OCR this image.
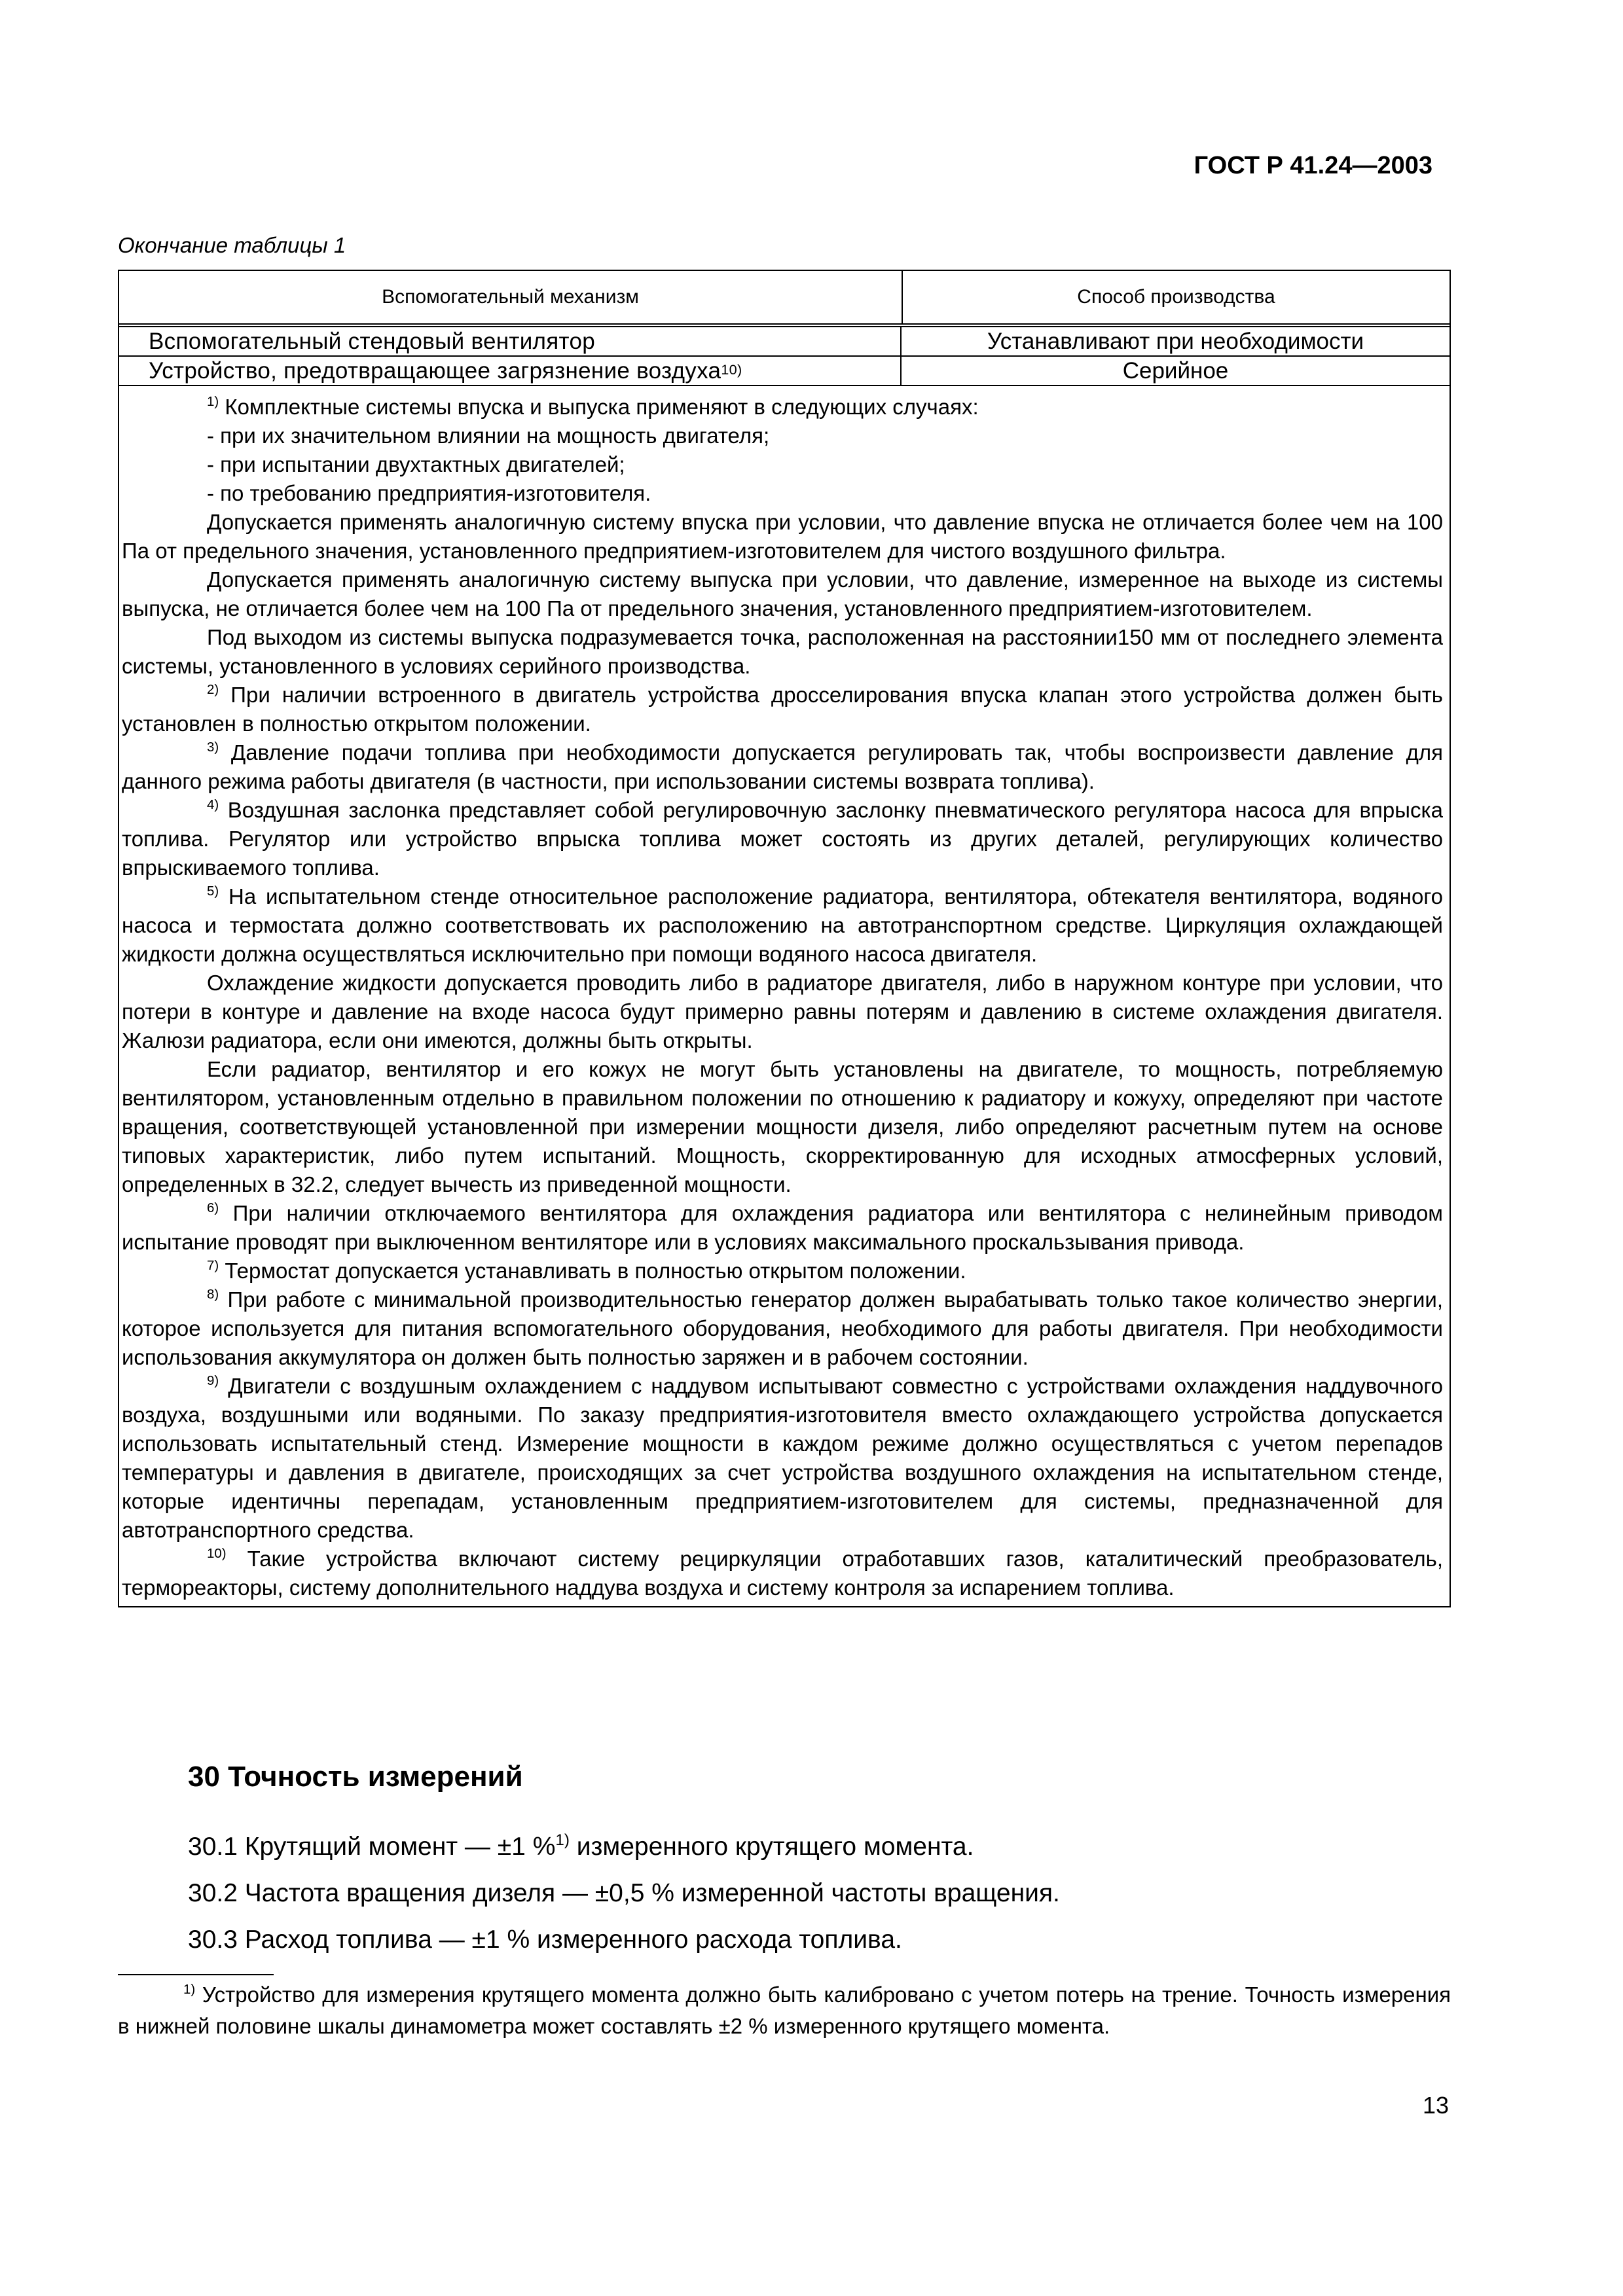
ГОСТ Р 41.24—2003
Окончание таблицы 1
Вспомогательный механизм	Способ производства
Вспомогательный стендовый вентилятор	Устанавливают при необходимости
Устройство, предотвращающее загрязнение воздуха$^{10)}$	Серийное

$^{1)}$ Комплектные системы впуска и выпуска применяют в следующих случаях:

- при их значительном влиянии на мощность двигателя;

- при испытании двухтактных двигателей;

- по требованию предприятия-изготовителя.

Допускается применять аналогичную систему впуска при условии, что давление впуска не отличается более чем на 100 Па от предельного значения, установленного предприятием-изготовителем для чистого воздушного фильтра.

Допускается применять аналогичную систему выпуска при условии, что давление, измеренное на выходе из системы выпуска, не отличается более чем на 100 Па от предельного значения, установленного предприятием-изготовителем.

Под выходом из системы выпуска подразумевается точка, расположенная на расстоянии150 мм от последнего элемента системы, установленного в условиях серийного производства.

$^{2)}$ При наличии встроенного в двигатель устройства дросселирования впуска клапан этого устройства должен быть установлен в полностью открытом положении.

$^{3)}$ Давление подачи топлива при необходимости допускается регулировать так, чтобы воспроизвести давление для данного режима работы двигателя (в частности, при использовании системы возврата топлива).

$^{4)}$ Воздушная заслонка представляет собой регулировочную заслонку пневматического регулятора насоса для впрыска топлива. Регулятор или устройство впрыска топлива может состоять из других деталей, регулирующих количество впрыскиваемого топлива.

$^{5)}$ На испытательном стенде относительное расположение радиатора, вентилятора, обтекателя вентилятора, водяного насоса и термостата должно соответствовать их расположению на автотранспортном средстве. Циркуляция охлаждающей жидкости должна осуществляться исключительно при помощи водяного насоса двигателя.

Охлаждение жидкости допускается проводить либо в радиаторе двигателя, либо в наружном контуре при условии, что потери в контуре и давление на входе насоса будут примерно равны потерям и давлению в системе охлаждения двигателя. Жалюзи радиатора, если они имеются, должны быть открыты.

Если радиатор, вентилятор и его кожух не могут быть установлены на двигателе, то мощность, потребляемую вентилятором, установленным отдельно в правильном положении по отношению к радиатору и кожуху, определяют при частоте вращения, соответствующей установленной при измерении мощности дизеля, либо определяют расчетным путем на основе типовых характеристик, либо путем испытаний. Мощность, скорректированную для исходных атмосферных условий, определенных в 32.2, следует вычесть из приведенной мощности.

$^{6)}$ При наличии отключаемого вентилятора для охлаждения радиатора или вентилятора с нелинейным приводом испытание проводят при выключенном вентиляторе или в условиях максимального проскальзывания привода.

$^{7)}$ Термостат допускается устанавливать в полностью открытом положении.

$^{8)}$ При работе с минимальной производительностью генератор должен вырабатывать только такое количество энергии, которое используется для питания вспомогательного оборудования, необходимого для работы двигателя. При необходимости использования аккумулятора он должен быть полностью заряжен и в рабочем состоянии.

$^{9)}$ Двигатели с воздушным охлаждением с наддувом испытывают совместно с устройствами охлаждения наддувочного воздуха, воздушными или водяными. По заказу предприятия-изготовителя вместо охлаждающего устройства допускается использовать испытательный стенд. Измерение мощности в каждом режиме должно осуществляться с учетом перепадов температуры и давления в двигателе, происходящих за счет устройства воздушного охлаждения на испытательном стенде, которые идентичны перепадам, установленным предприятием-изготовителем для системы, предназначенной для автотранспортного средства.

$^{10)}$ Такие устройства включают систему рециркуляции отработавших газов, каталитический преобразователь, термореакторы, систему дополнительного наддува воздуха и систему контроля за испарением топлива.

30 Точность измерений
30.1 Крутящий момент — ±1 %$^{1)}$ измеренного крутящего момента.
30.2 Частота вращения дизеля — ±0,5 % измеренной частоты вращения.
30.3 Расход топлива — ±1 % измеренного расхода топлива.

$^{1)}$ Устройство для измерения крутящего момента должно быть калибровано с учетом потерь на трение. Точность измерения в нижней половине шкалы динамометра может составлять ±2 % измеренного крутящего момента.

13
